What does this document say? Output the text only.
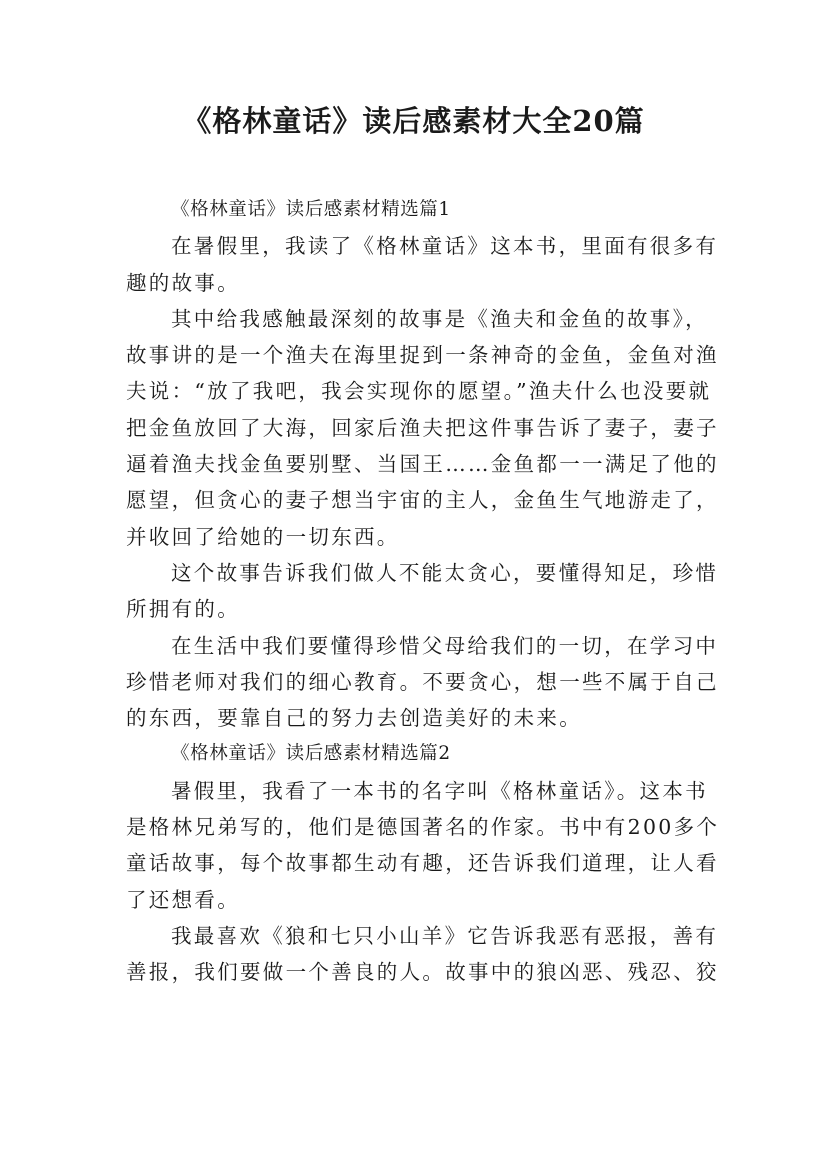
《格林童话》读后感素材大全20篇
《格林童话》读后感素材精选篇1
在暑假里，我读了《格林童话》这本书，里面有很多有
趣的故事。
其中给我感触最深刻的故事是《渔夫和金鱼的故事》，
故事讲的是一个渔夫在海里捉到一条神奇的金鱼，金鱼对渔
夫说：“放了我吧，我会实现你的愿望。”渔夫什么也没要就
把金鱼放回了大海，回家后渔夫把这件事告诉了妻子，妻子
逼着渔夫找金鱼要别墅、当国王……金鱼都一一满足了他的
愿望，但贪心的妻子想当宇宙的主人，金鱼生气地游走了，
并收回了给她的一切东西。
这个故事告诉我们做人不能太贪心，要懂得知足，珍惜
所拥有的。
在生活中我们要懂得珍惜父母给我们的一切，在学习中
珍惜老师对我们的细心教育。不要贪心，想一些不属于自己
的东西，要靠自己的努力去创造美好的未来。
《格林童话》读后感素材精选篇2
暑假里，我看了一本书的名字叫《格林童话》。这本书
是格林兄弟写的，他们是德国著名的作家。书中有200多个
童话故事，每个故事都生动有趣，还告诉我们道理，让人看
了还想看。
我最喜欢《狼和七只小山羊》它告诉我恶有恶报，善有
善报，我们要做一个善良的人。故事中的狼凶恶、残忍、狡
